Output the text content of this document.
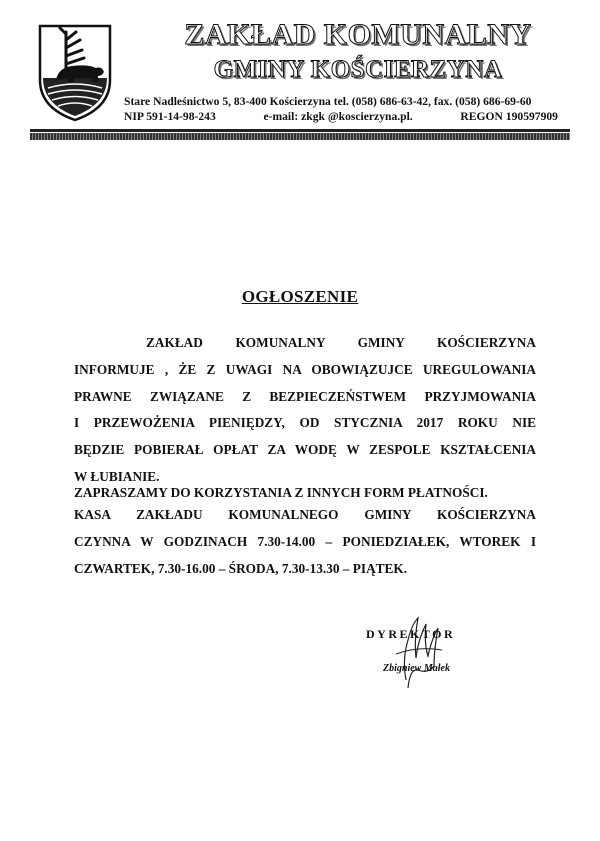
ZAKŁAD KOMUNALNY
GMINY KOŚCIERZYNA
Stare Nadleśnictwo 5, 83-400 Kościerzyna tel. (058) 686-63-42, fax. (058) 686-69-60
NIP 591-14-98-243	e-mail: zkgk @koscierzyna.pl.	REGON 190597909
OGŁOSZENIE
ZAKŁAD KOMUNALNY GMINY KOŚCIERZYNA
INFORMUJE , ŻE Z UWAGI NA OBOWIĄZUJCE UREGULOWANIA
PRAWNE ZWIĄZANE Z BEZPIECZEŃSTWEM PRZYJMOWANIA
I PRZEWOŻENIA PIENIĘDZY, OD STYCZNIA 2017 ROKU NIE
BĘDZIE POBIERAŁ OPŁAT ZA WODĘ W ZESPOLE KSZTAŁCENIA
W ŁUBIANIE.
ZAPRASZAMY DO KORZYSTANIA Z INNYCH FORM PŁATNOŚCI.
KASA ZAKŁADU KOMUNALNEGO GMINY KOŚCIERZYNA
CZYNNA W GODZINACH 7.30-14.00 – PONIEDZIAŁEK, WTOREK I
CZWARTEK, 7.30-16.00 – ŚRODA, 7.30-13.30 – PIĄTEK.
DYREKTOR
Zbigniew Małek
